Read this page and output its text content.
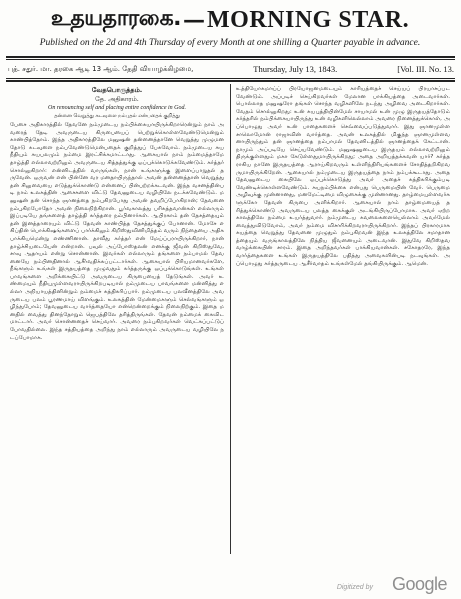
உதயதாரகை. — MORNING STAR.
Published on the 2d and 4th Thursday of every Month at one shilling a Quarter payable in advance.
புத். சதுர். மா. தரகை ஆடி 13 ஆம். தேதி வியாழக்கிழமை,	Thursday, July 13, 1843.	[Vol. III. No. 13.

வேதபொருத்தம்.

தே. அதிகாரம்.

On renouncing self and placing entire confidence in God.

தன்னை வெறுத்து கடவுளை நம்புதல் என்பதைக் குறித்து

பேசை அதிகாரத்தில் தேவனே நம்முடைய நம்பிக்கையாயிருக்கிறாரென்றும் நாம் அவரைத் தேடி அவருடைய கிருபையைப் பெற்றுக்கொள்ளவேண்டுமென்றும் காண்பித்தோம். இந்த அதிகாரத்திலே மனுஷன் தன்னைத்தானே வெறுத்து முழுமனதோடு கடவுளை நம்பவேண்டுமென்பதைக் குறித்துப் பேசுவோம். நம்முடைய சுயநீதியும் சுயபலமும் நம்மை இரட்சிக்கமாட்டாது. ஆகையால் நாம் நம்மைத்தாமே தாழ்த்தி எல்லாவற்றிலும் அவருடைய சித்தத்துக்கு ஒப்புக்கொடுக்கவேண்டும். கர்த்தர் சொல்லுகிறார்: என்னிடத்தில் வாருங்கள், நான் உங்களுக்கு இளைப்பாறுதல் தருவேன். ஒருவன் என் பின்னே வர மனதாயிருந்தால் அவன் தன்னைத்தான் வெறுத்து தன் சிலுவையை எடுத்துக்கொண்டு என்னைப் பின்பற்றக்கடவன். இந்த வசனத்தின்படி நாம் உலகத்தின் ஆசைகளை விட்டு தேவனுடைய வழியிலே நடக்கவேண்டும். மனுஷன் தன் சொந்த ஞானத்தை நம்புகிறபோது அவன் தவறிப்போகிறான்; தேவனை நம்புகிறபோதோ அவன் நிலைநிற்கிறான். பூர்வகாலத்து பரிசுத்தவான்கள் எல்லாரும் இப்படியே தங்களைத் தாழ்த்தி கர்த்தரை நம்பினார்கள். ஆபிரகாம் தன் தேசத்தையும் தன் இனத்தாரையும் விட்டு தேவன் காண்பித்த தேசத்துக்குப் போனான். மோசே எகிப்தின் பொக்கிஷங்களைப் பார்க்கிலும் கிறிஸ்துவினிமித்தம் வரும் நிந்தையை அதிக பாக்கியமென்று எண்ணினான். தாவீது கர்த்தர் என் மேய்ப்பராயிருக்கிறார், நான் தாழ்ச்சியடையேன் என்றான். பவுல் அப்போஸ்தலன் எனக்கு ஜீவன் கிறிஸ்துவே, சாவு ஆதாயம் என்று சொன்னான். இவர்கள் எல்லாரும் தங்களை நம்பாமல் தேவனையே நம்பினதினால் ஆசீர்வதிக்கப்பட்டார்கள். ஆகையால் பிரியமானவர்களே, நீங்களும் உங்கள் இருதயத்தை முழுவதும் கர்த்தருக்கு ஒப்புக்கொடுங்கள். உங்கள் பாவங்களை அறிக்கையிட்டு அவருடைய கிருபையைத் தேடுங்கள். அவர் உண்மையும் நீதியுமுள்ளவராயிருக்கிறபடியால் நம்முடைய பாவங்களை மன்னித்து எல்லா அநியாயத்தினின்றும் நம்மைச் சுத்திகரிப்பார். நம்முடைய பலவீனத்திலே அவருடைய பலம் பூரணமாய் விளங்கும். உலகத்தின் மேன்மைகளும் செல்வங்களும் ஒழிந்துபோம்; தேவனுடைய வார்த்தையோ என்றென்றைக்கும் நிலைநிற்கும். இதை மனதில் வைத்து தினந்தோறும் ஜெபத்திலே தரித்திருங்கள். தேவன் நம்மைக் கைவிடமாட்டார். அவர் சொன்னதைச் செய்வார். அவரை நம்புகிறவர்கள் வெட்கப்பட்டுப் போவதில்லை. இந்த சத்தியத்தை அறிந்து நாம் எல்லாரும் அவருடைய வழியிலே நடப்போமாக.

உத்தியோகமாய்ப் பிரயோஜனமடையும் காரியத்தைச் செய்யப் பிரயாசப்படவேண்டும். அப்படிச் செய்கிறவர்கள் மேலான பாக்கியத்தை அடைவார்கள். பொல்லாத மனுஷரோ தங்கள் சொந்த வழிகளிலே நடந்து அழிவை அடைகிறார்கள். வேதம் சொல்லுகிறது: உன் சுயபுத்தியின்மேல் சாயாமல் உன் முழு இருதயத்தோடும் கர்த்தரில் நம்பிக்கையாயிருந்து உன் வழிகளிலெல்லாம் அவரை நினைத்துக்கொள், அப்பொழுது அவர் உன் பாதைகளைச் செவ்வைப்படுத்துவார். இது ஞானமுள்ள சாலொமோன் ராஜாவின் வார்த்தை. அவன் உலகத்தில் மிகுந்த ஞானமுள்ளவனாயிருந்தும் தன் ஞானத்தை நம்பாமல் தேவனிடத்தில் ஞானத்தைக் கேட்டான். நாமும் அப்படியே செய்யவேண்டும். மனுஷனுடைய இருதயம் எல்லாவற்றிலும் திருக்குள்ளதும் மகா கேடுள்ளதுமாயிருக்கிறது; அதை அறியத்தக்கவன் யார்? கர்த்தராகிய நானே இருதயத்தை ஆராய்கிறவரும் உள்ளிந்திரியங்களைச் சோதித்தறிகிறவருமாயிருக்கிறேன். ஆகையால் நம்முடைய இருதயத்தை நாம் நம்பக்கூடாது. அதை தேவனுடைய கையிலே ஒப்புக்கொடுத்து அவர் அதைச் சுத்திகரிக்கும்படி வேண்டிக்கொள்ளவேண்டும். சுயநம்பிக்கை என்பது பெருமையின் வேர். பெருமை அழிவுக்கு முன்னானது, மனமேட்டிமை விழுகைக்கு முன்னானது. தாழ்மையுள்ளவர்களுக்கோ தேவன் கிருபை அளிக்கிறார். ஆகையால் நாம் தாழ்மையைத் தரித்துக்கொண்டு அவருடைய பலத்த கைக்குள் அடங்கியிருப்போமாக. அவர் ஏற்ற காலத்திலே நம்மை உயர்த்துவார். நம்முடைய கவலைகளையெல்லாம் அவர்மேல் வைத்துவிடுவோம், அவர் நம்மை விசாரிக்கிறவராயிருக்கிறார். இந்தப் பிரகாரமாக சுயத்தை வெறுத்து தேவனை முழுதும் நம்புகிறவன் இந்த உலகத்திலே சமாதானத்தையும் வருங்காலத்திலே நித்திய ஜீவனையும் அடைவான். இதுவே கிறிஸ்தவ வாழ்க்கையின் சாரம். இதை அறிந்தவர்கள் பாக்கியவான்கள். சகோதரரே, இந்த வார்த்தைகளை உங்கள் இருதயத்திலே பதித்து அவைகளின்படி நடவுங்கள். அப்பொழுது கர்த்தருடைய ஆசீர்வாதம் உங்கள்மேல் தங்கியிருக்கும். ஆமென்.

Digitized by Google
